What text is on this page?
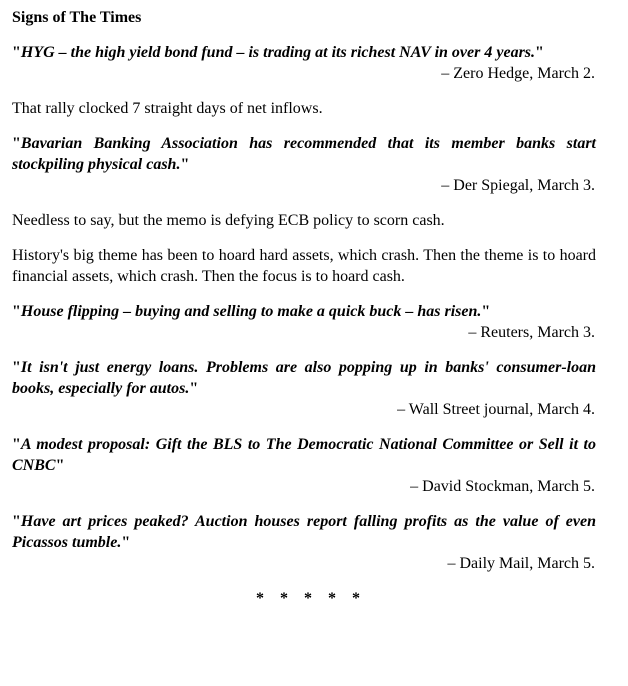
Signs of The Times
"HYG – the high yield bond fund – is trading at its richest NAV in over 4 years."
– Zero Hedge, March 2.
That rally clocked 7 straight days of net inflows.
"Bavarian Banking Association has recommended that its member banks start stockpiling physical cash."
– Der Spiegal, March 3.
Needless to say, but the memo is defying ECB policy to scorn cash.
History's big theme has been to hoard hard assets, which crash. Then the theme is to hoard financial assets, which crash. Then the focus is to hoard cash.
"House flipping – buying and selling to make a quick buck – has risen."
– Reuters, March 3.
"It isn't just energy loans. Problems are also popping up in banks' consumer-loan books, especially for autos."
– Wall Street journal, March 4.
"A modest proposal: Gift the BLS to The Democratic National Committee or Sell it to CNBC"
– David Stockman, March 5.
"Have art prices peaked? Auction houses report falling profits as the value of even Picassos tumble."
– Daily Mail, March 5.
* * * * *
